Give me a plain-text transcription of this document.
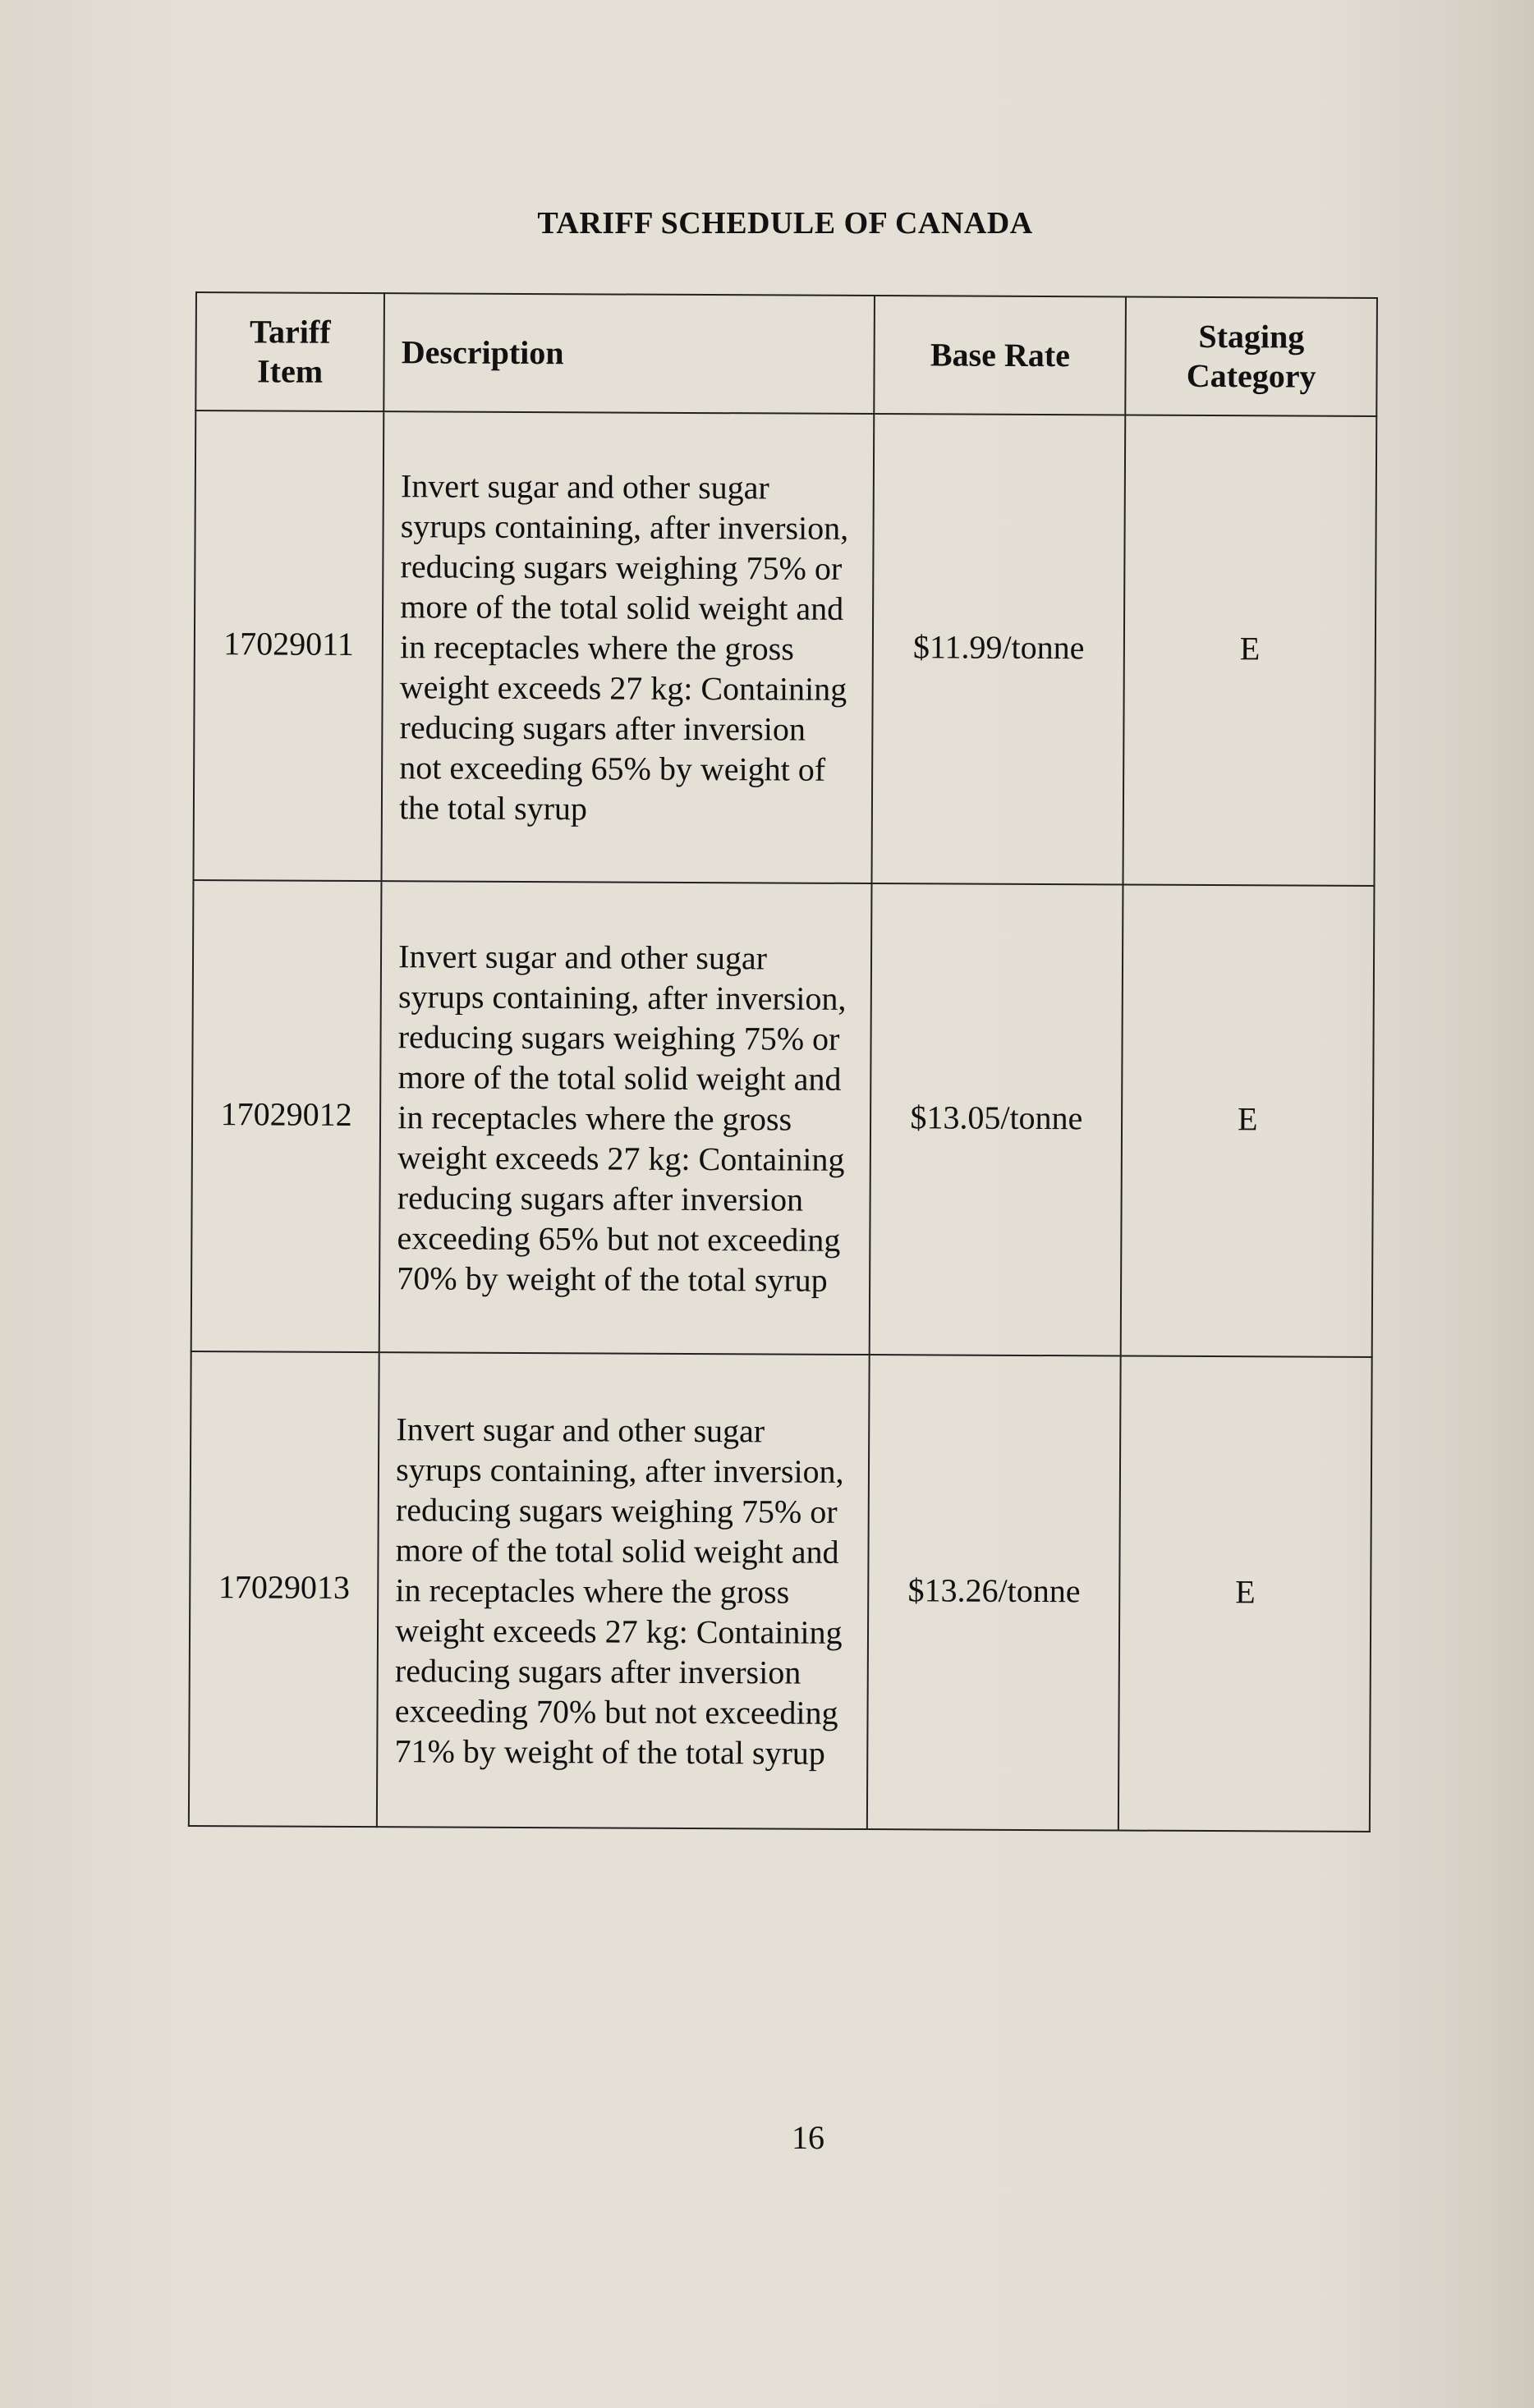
TARIFF SCHEDULE OF CANADA
Tariff Item	Description	Base Rate	Staging Category

17029011	Invert sugar and other sugar syrups containing, after inversion, reducing sugars weighing 75% or more of the total solid weight and in receptacles where the gross weight exceeds 27 kg: Containing reducing sugars after inversion not exceeding 65% by weight of the total syrup	$11.99/tonne	E

17029012	Invert sugar and other sugar syrups containing, after inversion, reducing sugars weighing 75% or more of the total solid weight and in receptacles where the gross weight exceeds 27 kg: Containing reducing sugars after inversion exceeding 65% but not exceeding 70% by weight of the total syrup	$13.05/tonne	E

17029013	Invert sugar and other sugar syrups containing, after inversion, reducing sugars weighing 75% or more of the total solid weight and in receptacles where the gross weight exceeds 27 kg: Containing reducing sugars after inversion exceeding 70% but not exceeding 71% by weight of the total syrup	$13.26/tonne	E
16
